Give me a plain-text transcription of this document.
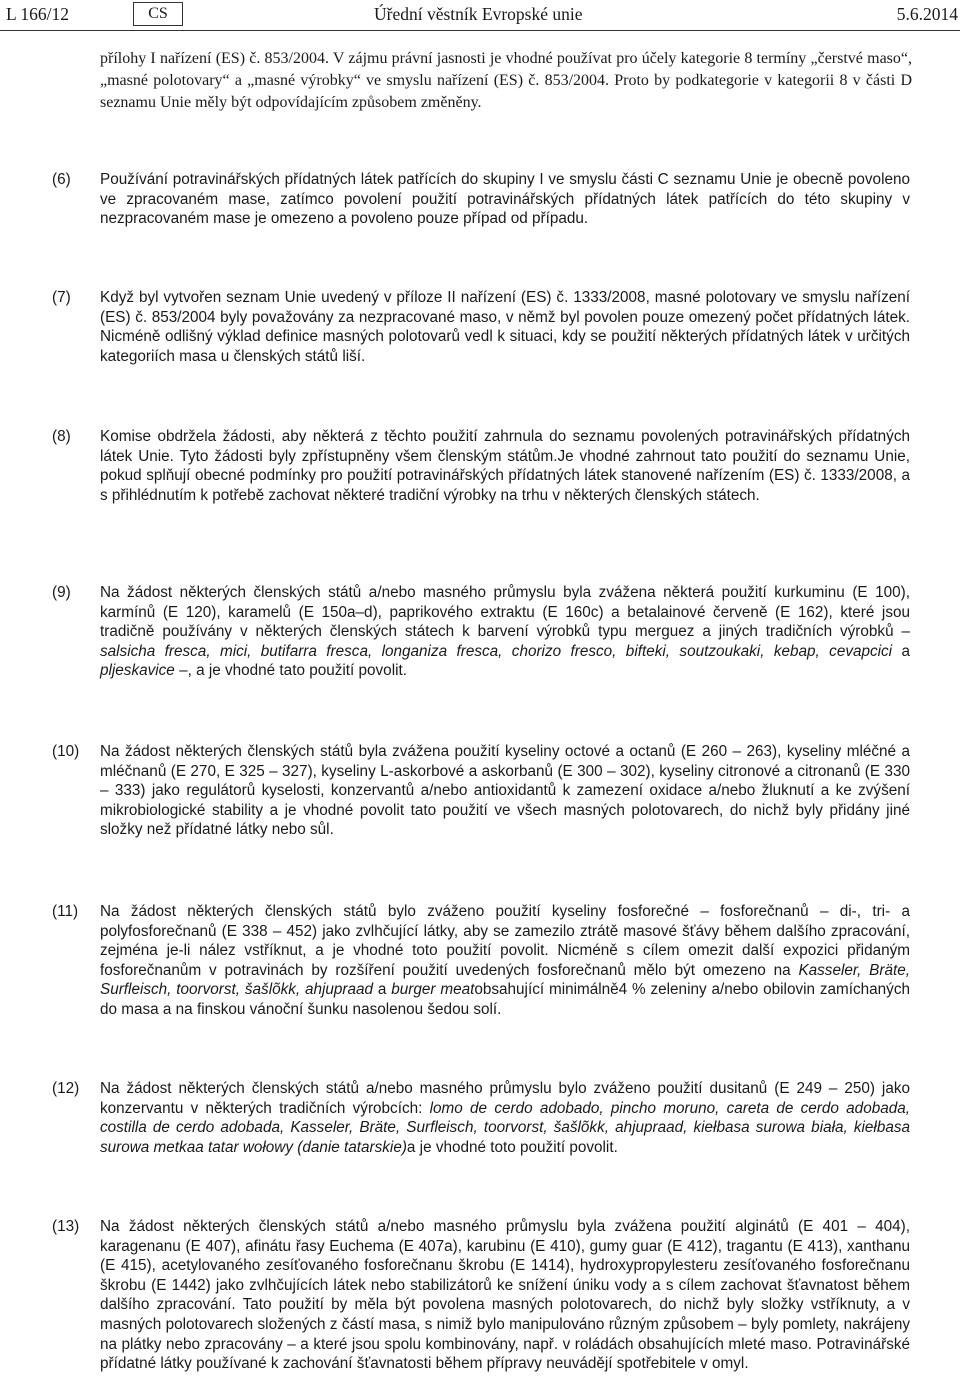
L 166/12	CS	Úřední věstník Evropské unie	5.6.2014
přílohy I nařízení (ES) č. 853/2004. V zájmu právní jasnosti je vhodné používat pro účely kategorie 8 termíny „čerstvé maso“, „masné polotovary“ a „masné výrobky“ ve smyslu nařízení (ES) č. 853/2004. Proto by podkategorie v kategorii 8 v části D seznamu Unie měly být odpovídajícím způsobem změněny.
(6) Používání potravinářských přídatných látek patřících do skupiny I ve smyslu části C seznamu Unie je obecně povoleno ve zpracovaném mase, zatímco povolení použití potravinářských přídatných látek patřících do této skupiny v nezpracovaném mase je omezeno a povoleno pouze případ od případu.
(7) Když byl vytvořen seznam Unie uvedený v příloze II nařízení (ES) č. 1333/2008, masné polotovary ve smyslu nařízení (ES) č. 853/2004 byly považovány za nezpracované maso, v němž byl povolen pouze omezený počet přídatných látek. Nicméně odlišný výklad definice masných polotovarů vedl k situaci, kdy se použití některých přídatných látek v určitých kategoriích masa u členských států liší.
(8) Komise obdržela žádosti, aby některá z těchto použití zahrnula do seznamu povolených potravinářských přídatných látek Unie. Tyto žádosti byly zpřístupněny všem členským státům.Je vhodné zahrnout tato použití do seznamu Unie, pokud splňují obecné podmínky pro použití potravinářských přídatných látek stanovené nařízením (ES) č. 1333/2008, a s přihlédnutím k potřebě zachovat některé tradiční výrobky na trhu v některých členských státech.
(9) Na žádost některých členských států a/nebo masného průmyslu byla zvážena některá použití kurkuminu (E 100), karmínů (E 120), karamelů (E 150a–d), paprikového extraktu (E 160c) a betalainové červeně (E 162), které jsou tradičně používány v některých členských státech k barvení výrobků typu merguez a jiných tradičních výrobků – salsicha fresca, mici, butifarra fresca, longaniza fresca, chorizo fresco, bifteki, soutzoukaki, kebap, cevapcici a pljeskavice –, a je vhodné tato použití povolit.
(10) Na žádost některých členských států byla zvážena použití kyseliny octové a octanů (E 260 – 263), kyseliny mléčné a mléčnanů (E 270, E 325 – 327), kyseliny L-askorbové a askorbanů (E 300 – 302), kyseliny citronové a citronanů (E 330 – 333) jako regulátorů kyselosti, konzervantů a/nebo antioxidantů k zamezení oxidace a/nebo žluknutí a ke zvýšení mikrobiologické stability a je vhodné povolit tato použití ve všech masných polotovarech, do nichž byly přidány jiné složky než přídatné látky nebo sůl.
(11) Na žádost některých členských států bylo zváženo použití kyseliny fosforečné – fosforečnanů – di-, tri- a polyfosforečnanů (E 338 – 452) jako zvlhčující látky, aby se zamezilo ztrátě masové šťávy během dalšího zpracování, zejména je-li nález vstříknut, a je vhodné toto použití povolit. Nicméně s cílem omezit další expozici přidaným fosforečnanům v potravinách by rozšíření použití uvedených fosforečnanů mělo být omezeno na Kasseler, Bräte, Surfleisch, toorvorst, šašlõkk, ahjupraad a burger meatobsahující minimálně4 % zeleniny a/nebo obilovin zamíchaných do masa a na finskou vánoční šunku nasolenou šedou solí.
(12) Na žádost některých členských států a/nebo masného průmyslu bylo zváženo použití dusitanů (E 249 – 250) jako konzervantu v některých tradičních výrobcích: lomo de cerdo adobado, pincho moruno, careta de cerdo adobada, costilla de cerdo adobada, Kasseler, Bräte, Surfleisch, toorvorst, šašlõkk, ahjupraad, kiełbasa surowa biała, kiełbasa surowa metkaa tatar wołowy (danie tatarskie)a je vhodné toto použití povolit.
(13) Na žádost některých členských států a/nebo masného průmyslu byla zvážena použití alginátů (E 401 – 404), karagenanu (E 407), afinátu řasy Euchema (E 407a), karubinu (E 410), gumy guar (E 412), tragantu (E 413), xanthanu (E 415), acetylovaného zesíťovaného fosforečnanu škrobu (E 1414), hydroxypropylesteru zesíťovaného fosforečnanu škrobu (E 1442) jako zvlhčujících látek nebo stabilizátorů ke snížení úniku vody a s cílem zachovat šťavnatost během dalšího zpracování. Tato použití by měla být povolena masných polotovarech, do nichž byly složky vstříknuty, a v masných polotovarech složených z částí masa, s nimiž bylo manipulováno různým způsobem – byly pomlety, nakrájeny na plátky nebo zpracovány – a které jsou spolu kombinovány, např. v roládách obsahujících mleté maso. Potravinářské přídatné látky používané k zachování šťavnatosti během přípravy neuvádějí spotřebitele v omyl.
